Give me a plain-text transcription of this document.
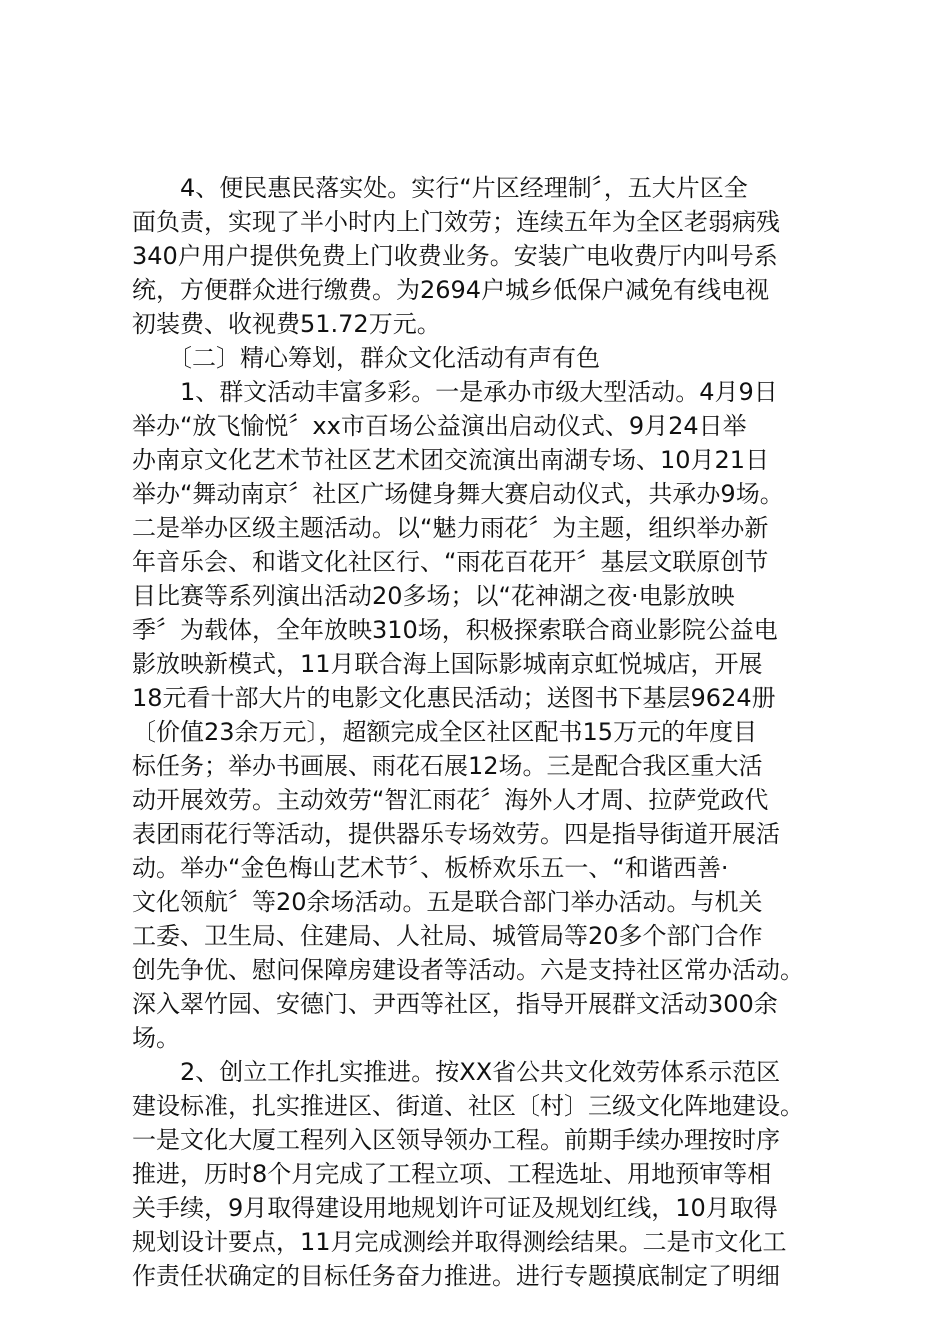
　　4、便民惠民落实处。实行“片区经理制〞，五大片区全
面负责，实现了半小时内上门效劳；连续五年为全区老弱病残
340户用户提供免费上门收费业务。安装广电收费厅内叫号系
统，方便群众进行缴费。为2694户城乡低保户减免有线电视
初装费、收视费51.72万元。
　　〔二〕精心筹划，群众文化活动有声有色
　　1、群文活动丰富多彩。一是承办市级大型活动。4月9日
举办“放飞愉悦〞xx市百场公益演出启动仪式、9月24日举
办南京文化艺术节社区艺术团交流演出南湖专场、10月21日
举办“舞动南京〞社区广场健身舞大赛启动仪式，共承办9场。
二是举办区级主题活动。以“魅力雨花〞为主题，组织举办新
年音乐会、和谐文化社区行、“雨花百花开〞基层文联原创节
目比赛等系列演出活动20多场；以“花神湖之夜·电影放映
季〞为载体，全年放映310场，积极探索联合商业影院公益电
影放映新模式，11月联合海上国际影城南京虹悦城店，开展
18元看十部大片的电影文化惠民活动；送图书下基层9624册
〔价值23余万元〕，超额完成全区社区配书15万元的年度目
标任务；举办书画展、雨花石展12场。三是配合我区重大活
动开展效劳。主动效劳“智汇雨花〞海外人才周、拉萨党政代
表团雨花行等活动，提供器乐专场效劳。四是指导街道开展活
动。举办“金色梅山艺术节〞、板桥欢乐五一、“和谐西善·
文化领航〞等20余场活动。五是联合部门举办活动。与机关
工委、卫生局、住建局、人社局、城管局等20多个部门合作
创先争优、慰问保障房建设者等活动。六是支持社区常办活动。
深入翠竹园、安德门、尹西等社区，指导开展群文活动300余
场。
　　2、创立工作扎实推进。按XX省公共文化效劳体系示范区
建设标准，扎实推进区、街道、社区〔村〕三级文化阵地建设。
一是文化大厦工程列入区领导领办工程。前期手续办理按时序
推进，历时8个月完成了工程立项、工程选址、用地预审等相
关手续，9月取得建设用地规划许可证及规划红线，10月取得
规划设计要点，11月完成测绘并取得测绘结果。二是市文化工
作责任状确定的目标任务奋力推进。进行专题摸底制定了明细
